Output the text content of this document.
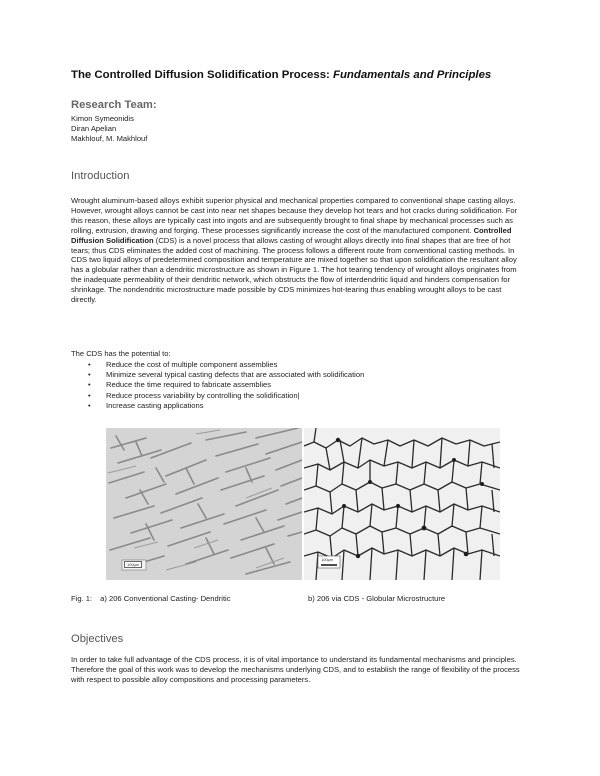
The Controlled Diffusion Solidification Process: Fundamentals and Principles
Research Team:
Kimon Symeonidis
Diran Apelian
Makhlouf, M. Makhlouf
Introduction
Wrought aluminum-based alloys exhibit superior physical and mechanical properties compared to conventional shape casting alloys. However, wrought alloys cannot be cast into near net shapes because they develop hot tears and hot cracks during solidification. For this reason, these alloys are typically cast into ingots and are subsequently brought to final shape by mechanical processes such as rolling, extrusion, drawing and forging. These processes significantly increase the cost of the manufactured component. Controlled Diffusion Solidification (CDS) is a novel process that allows casting of wrought alloys directly into final shapes that are free of hot tears; thus CDS eliminates the added cost of machining. The process follows a different route from conventional casting methods. In CDS two liquid alloys of predetermined composition and temperature are mixed together so that upon solidification the resultant alloy has a globular rather than a dendritic microstructure as shown in Figure 1. The hot tearing tendency of wrought alloys originates from the inadequate permeability of their dendritic network, which obstructs the flow of interdendritic liquid and hinders compensation for shrinkage. The nondendritic microstructure made possible by CDS minimizes hot-tearing thus enabling wrought alloys to be cast directly.
The CDS has the potential to:
• Reduce the cost of multiple component assemblies
• Minimize several typical casting defects that are associated with solidification
• Reduce the time required to fabricate assemblies
• Reduce process variability by controlling the solidification|
• Increase casting applications
100µm
100µm
Fig. 1: a) 206 Conventional Casting- Dendritic	b) 206 via CDS - Globular Microstructure
Objectives
In order to take full advantage of the CDS process, it is of vital importance to understand its fundamental mechanisms and principles. Therefore the goal of this work was to develop the mechanisms underlying CDS, and to establish the range of flexibility of the process with respect to possible alloy compositions and processing parameters.
